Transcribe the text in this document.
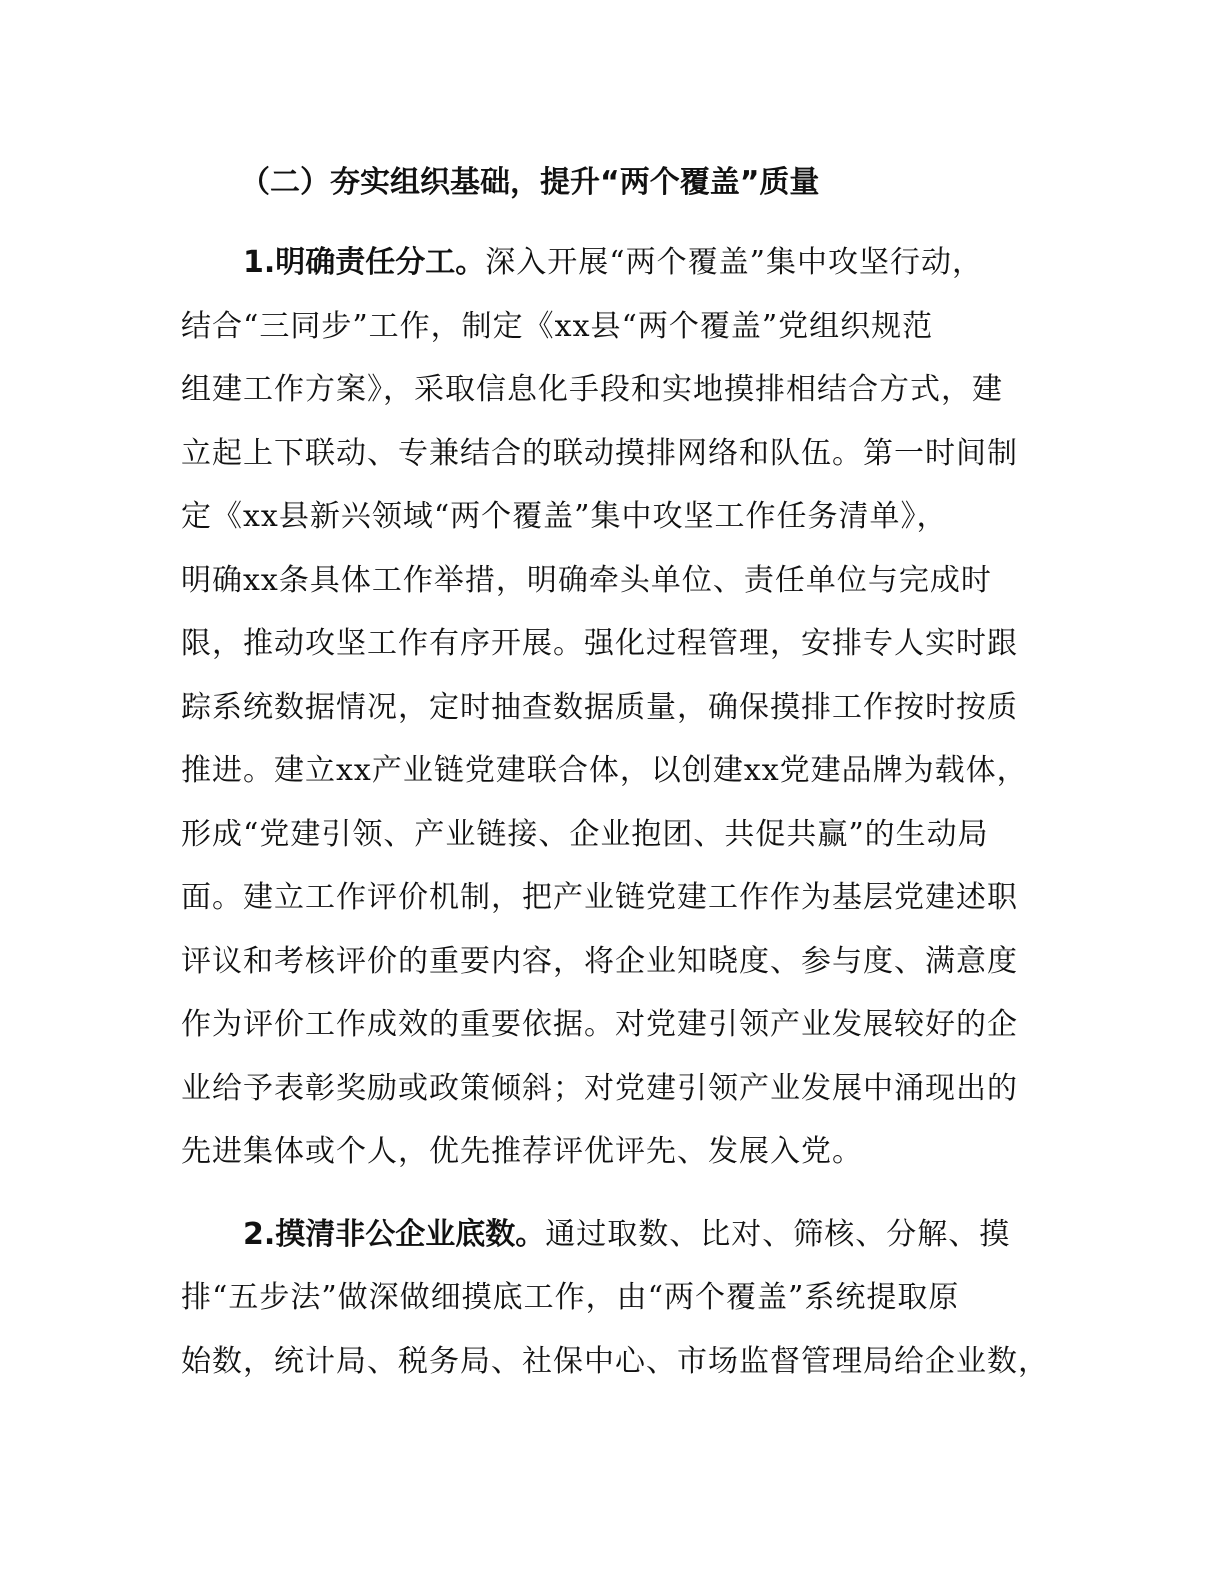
（二）夯实组织基础，提升“两个覆盖”质量
1.明确责任分工。深入开展“两个覆盖”集中攻坚行动，
结合“三同步”工作，制定《xx县“两个覆盖”党组织规范
组建工作方案》，采取信息化手段和实地摸排相结合方式，建
立起上下联动、专兼结合的联动摸排网络和队伍。第一时间制
定《xx县新兴领域“两个覆盖”集中攻坚工作任务清单》，
明确xx条具体工作举措，明确牵头单位、责任单位与完成时
限，推动攻坚工作有序开展。强化过程管理，安排专人实时跟
踪系统数据情况，定时抽查数据质量，确保摸排工作按时按质
推进。建立xx产业链党建联合体，以创建xx党建品牌为载体，
形成“党建引领、产业链接、企业抱团、共促共赢”的生动局
面。建立工作评价机制，把产业链党建工作作为基层党建述职
评议和考核评价的重要内容，将企业知晓度、参与度、满意度
作为评价工作成效的重要依据。对党建引领产业发展较好的企
业给予表彰奖励或政策倾斜；对党建引领产业发展中涌现出的
先进集体或个人，优先推荐评优评先、发展入党。
2.摸清非公企业底数。通过取数、比对、筛核、分解、摸
排“五步法”做深做细摸底工作，由“两个覆盖”系统提取原
始数，统计局、税务局、社保中心、市场监督管理局给企业数，
